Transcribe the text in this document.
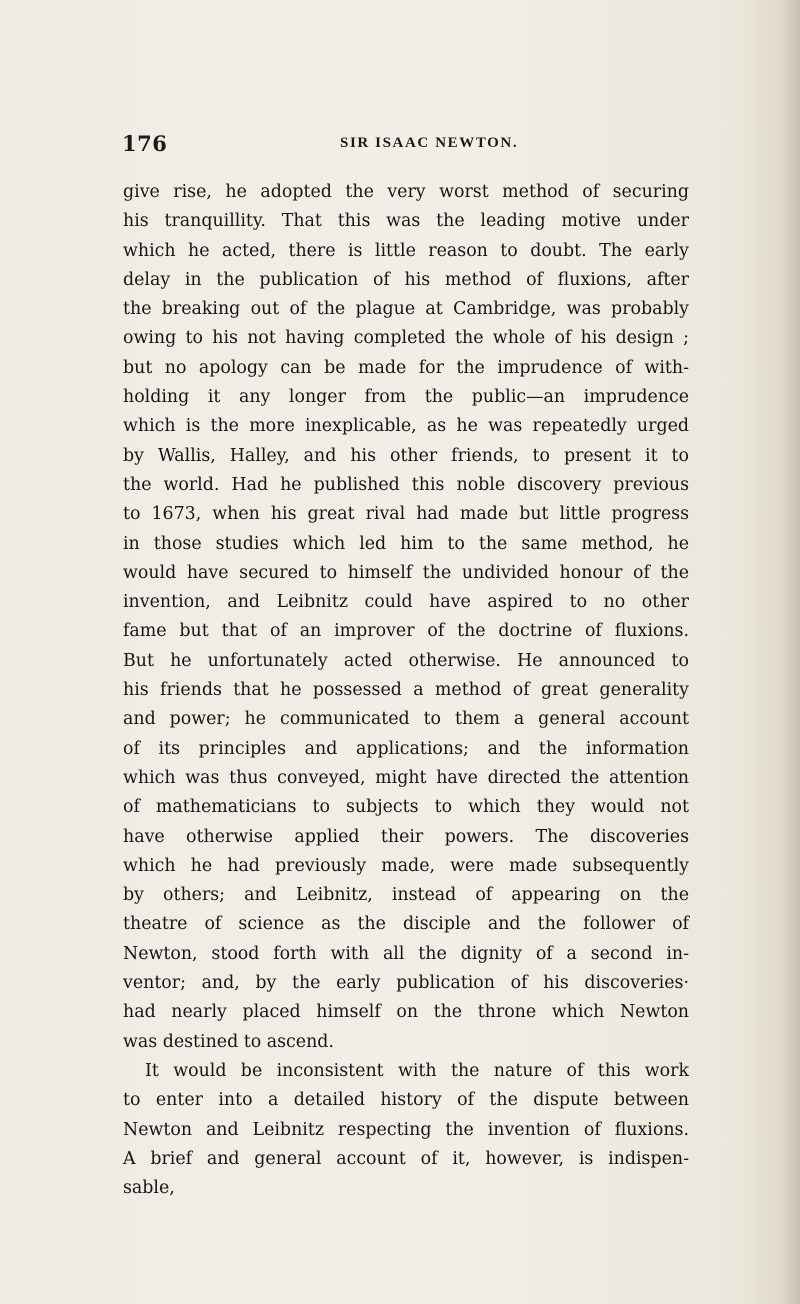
176	SIR ISAAC NEWTON.
give rise, he adopted the very worst method of securing
his tranquillity. That this was the leading motive under
which he acted, there is little reason to doubt. The early
delay in the publication of his method of fluxions, after
the breaking out of the plague at Cambridge, was probably
owing to his not having completed the whole of his design ;
but no apology can be made for the imprudence of with-
holding it any longer from the public—an imprudence
which is the more inexplicable, as he was repeatedly urged
by Wallis, Halley, and his other friends, to present it to
the world. Had he published this noble discovery previous
to 1673, when his great rival had made but little progress
in those studies which led him to the same method, he
would have secured to himself the undivided honour of the
invention, and Leibnitz could have aspired to no other
fame but that of an improver of the doctrine of fluxions.
But he unfortunately acted otherwise. He announced to
his friends that he possessed a method of great generality
and power; he communicated to them a general account
of its principles and applications; and the information
which was thus conveyed, might have directed the attention
of mathematicians to subjects to which they would not
have otherwise applied their powers. The discoveries
which he had previously made, were made subsequently
by others; and Leibnitz, instead of appearing on the
theatre of science as the disciple and the follower of
Newton, stood forth with all the dignity of a second in-
ventor; and, by the early publication of his discoveries·
had nearly placed himself on the throne which Newton
was destined to ascend.
It would be inconsistent with the nature of this work
to enter into a detailed history of the dispute between
Newton and Leibnitz respecting the invention of fluxions.
A brief and general account of it, however, is indispen-
sable,
